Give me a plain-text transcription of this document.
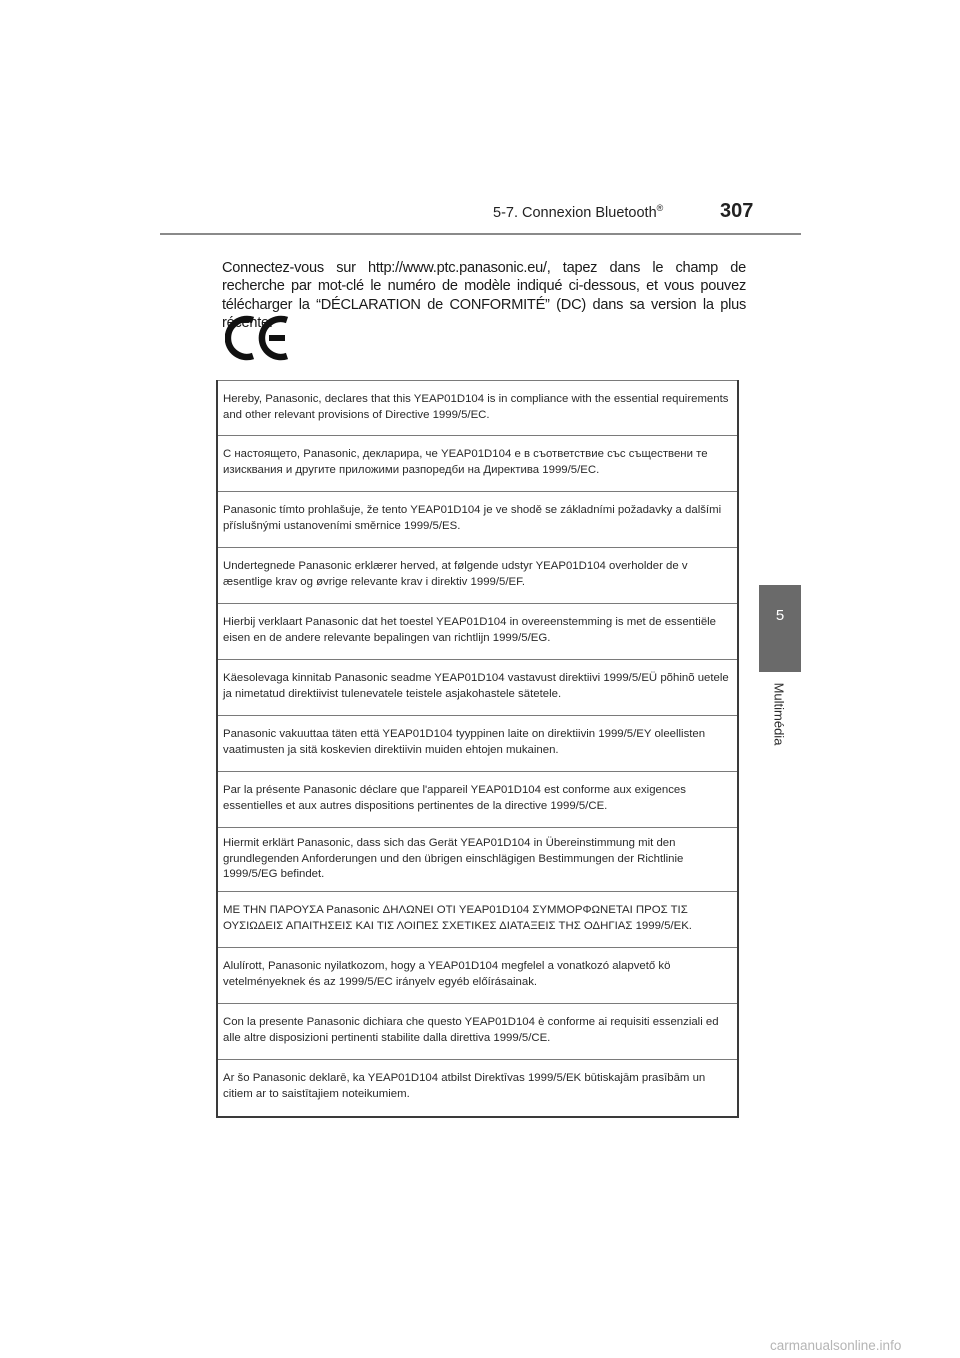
5-7. Connexion Bluetooth®	307

Connectez-vous sur http://www.ptc.panasonic.eu/, tapez dans le champ de recherche par mot-clé le numéro de modèle indiqué ci-dessous, et vous pouvez télécharger la “DÉCLARATION de CONFORMITÉ” (DC) dans sa version la plus récente.

Hereby, Panasonic, declares that this YEAP01D104 is in compliance with the essential requirements and other relevant provisions of Directive 1999/5/EC.
С настоящето, Panasonic, декларира, че YEAP01D104 е в съответствие със съществени те изисквания и другите приложими разпоредби на Директива 1999/5/ЕС.
Panasonic tímto prohlašuje, že tento YEAP01D104 je ve shodě se základními požadavky a dalšími příslušnými ustanoveními směrnice 1999/5/ES.
Undertegnede Panasonic erklærer herved, at følgende udstyr YEAP01D104 overholder de v æsentlige krav og øvrige relevante krav i direktiv 1999/5/EF.
Hierbij verklaart Panasonic dat het toestel YEAP01D104 in overeenstemming is met de essentiële eisen en de andere relevante bepalingen van richtlijn 1999/5/EG.
Käesolevaga kinnitab Panasonic seadme YEAP01D104 vastavust direktiivi 1999/5/EÜ põhinõ uetele ja nimetatud direktiivist tulenevatele teistele asjakohastele sätetele.
Panasonic vakuuttaa täten että YEAP01D104 tyyppinen laite on direktiivin 1999/5/EY oleellisten vaatimusten ja sitä koskevien direktiivin muiden ehtojen mukainen.
Par la présente Panasonic déclare que l'appareil YEAP01D104 est conforme aux exigences essentielles et aux autres dispositions pertinentes de la directive 1999/5/CE.
Hiermit erklärt Panasonic, dass sich das Gerät YEAP01D104 in Übereinstimmung mit den grundlegenden Anforderungen und den übrigen einschlägigen Bestimmungen der Richtlinie 1999/5/EG befindet.
ΜΕ ΤΗΝ ΠΑΡΟΥΣΑ Panasonic ΔΗΛΩΝΕΙ ΟΤΙ YEAP01D104 ΣΥΜΜΟΡΦΩΝΕΤΑΙ ΠΡΟΣ ΤΙΣ ΟΥΣΙΩΔΕΙΣ ΑΠΑΙΤΗΣΕΙΣ ΚΑΙ ΤΙΣ ΛΟΙΠΕΣ ΣΧΕΤΙΚΕΣ ΔΙΑΤΑΞΕΙΣ ΤΗΣ ΟΔΗΓΙΑΣ 1999/5/ΕΚ.
Alulírott, Panasonic nyilatkozom, hogy a YEAP01D104 megfelel a vonatkozó alapvető kö vetelményeknek és az 1999/5/EC irányelv egyéb előírásainak.
Con la presente Panasonic dichiara che questo YEAP01D104 è conforme ai requisiti essenziali ed alle altre disposizioni pertinenti stabilite dalla direttiva 1999/5/CE.
Ar šo Panasonic deklarē, ka YEAP01D104 atbilst Direktīvas 1999/5/EK būtiskajām prasībām un citiem ar to saistītajiem noteikumiem.
5
Multimédia
carmanualsonline.info
